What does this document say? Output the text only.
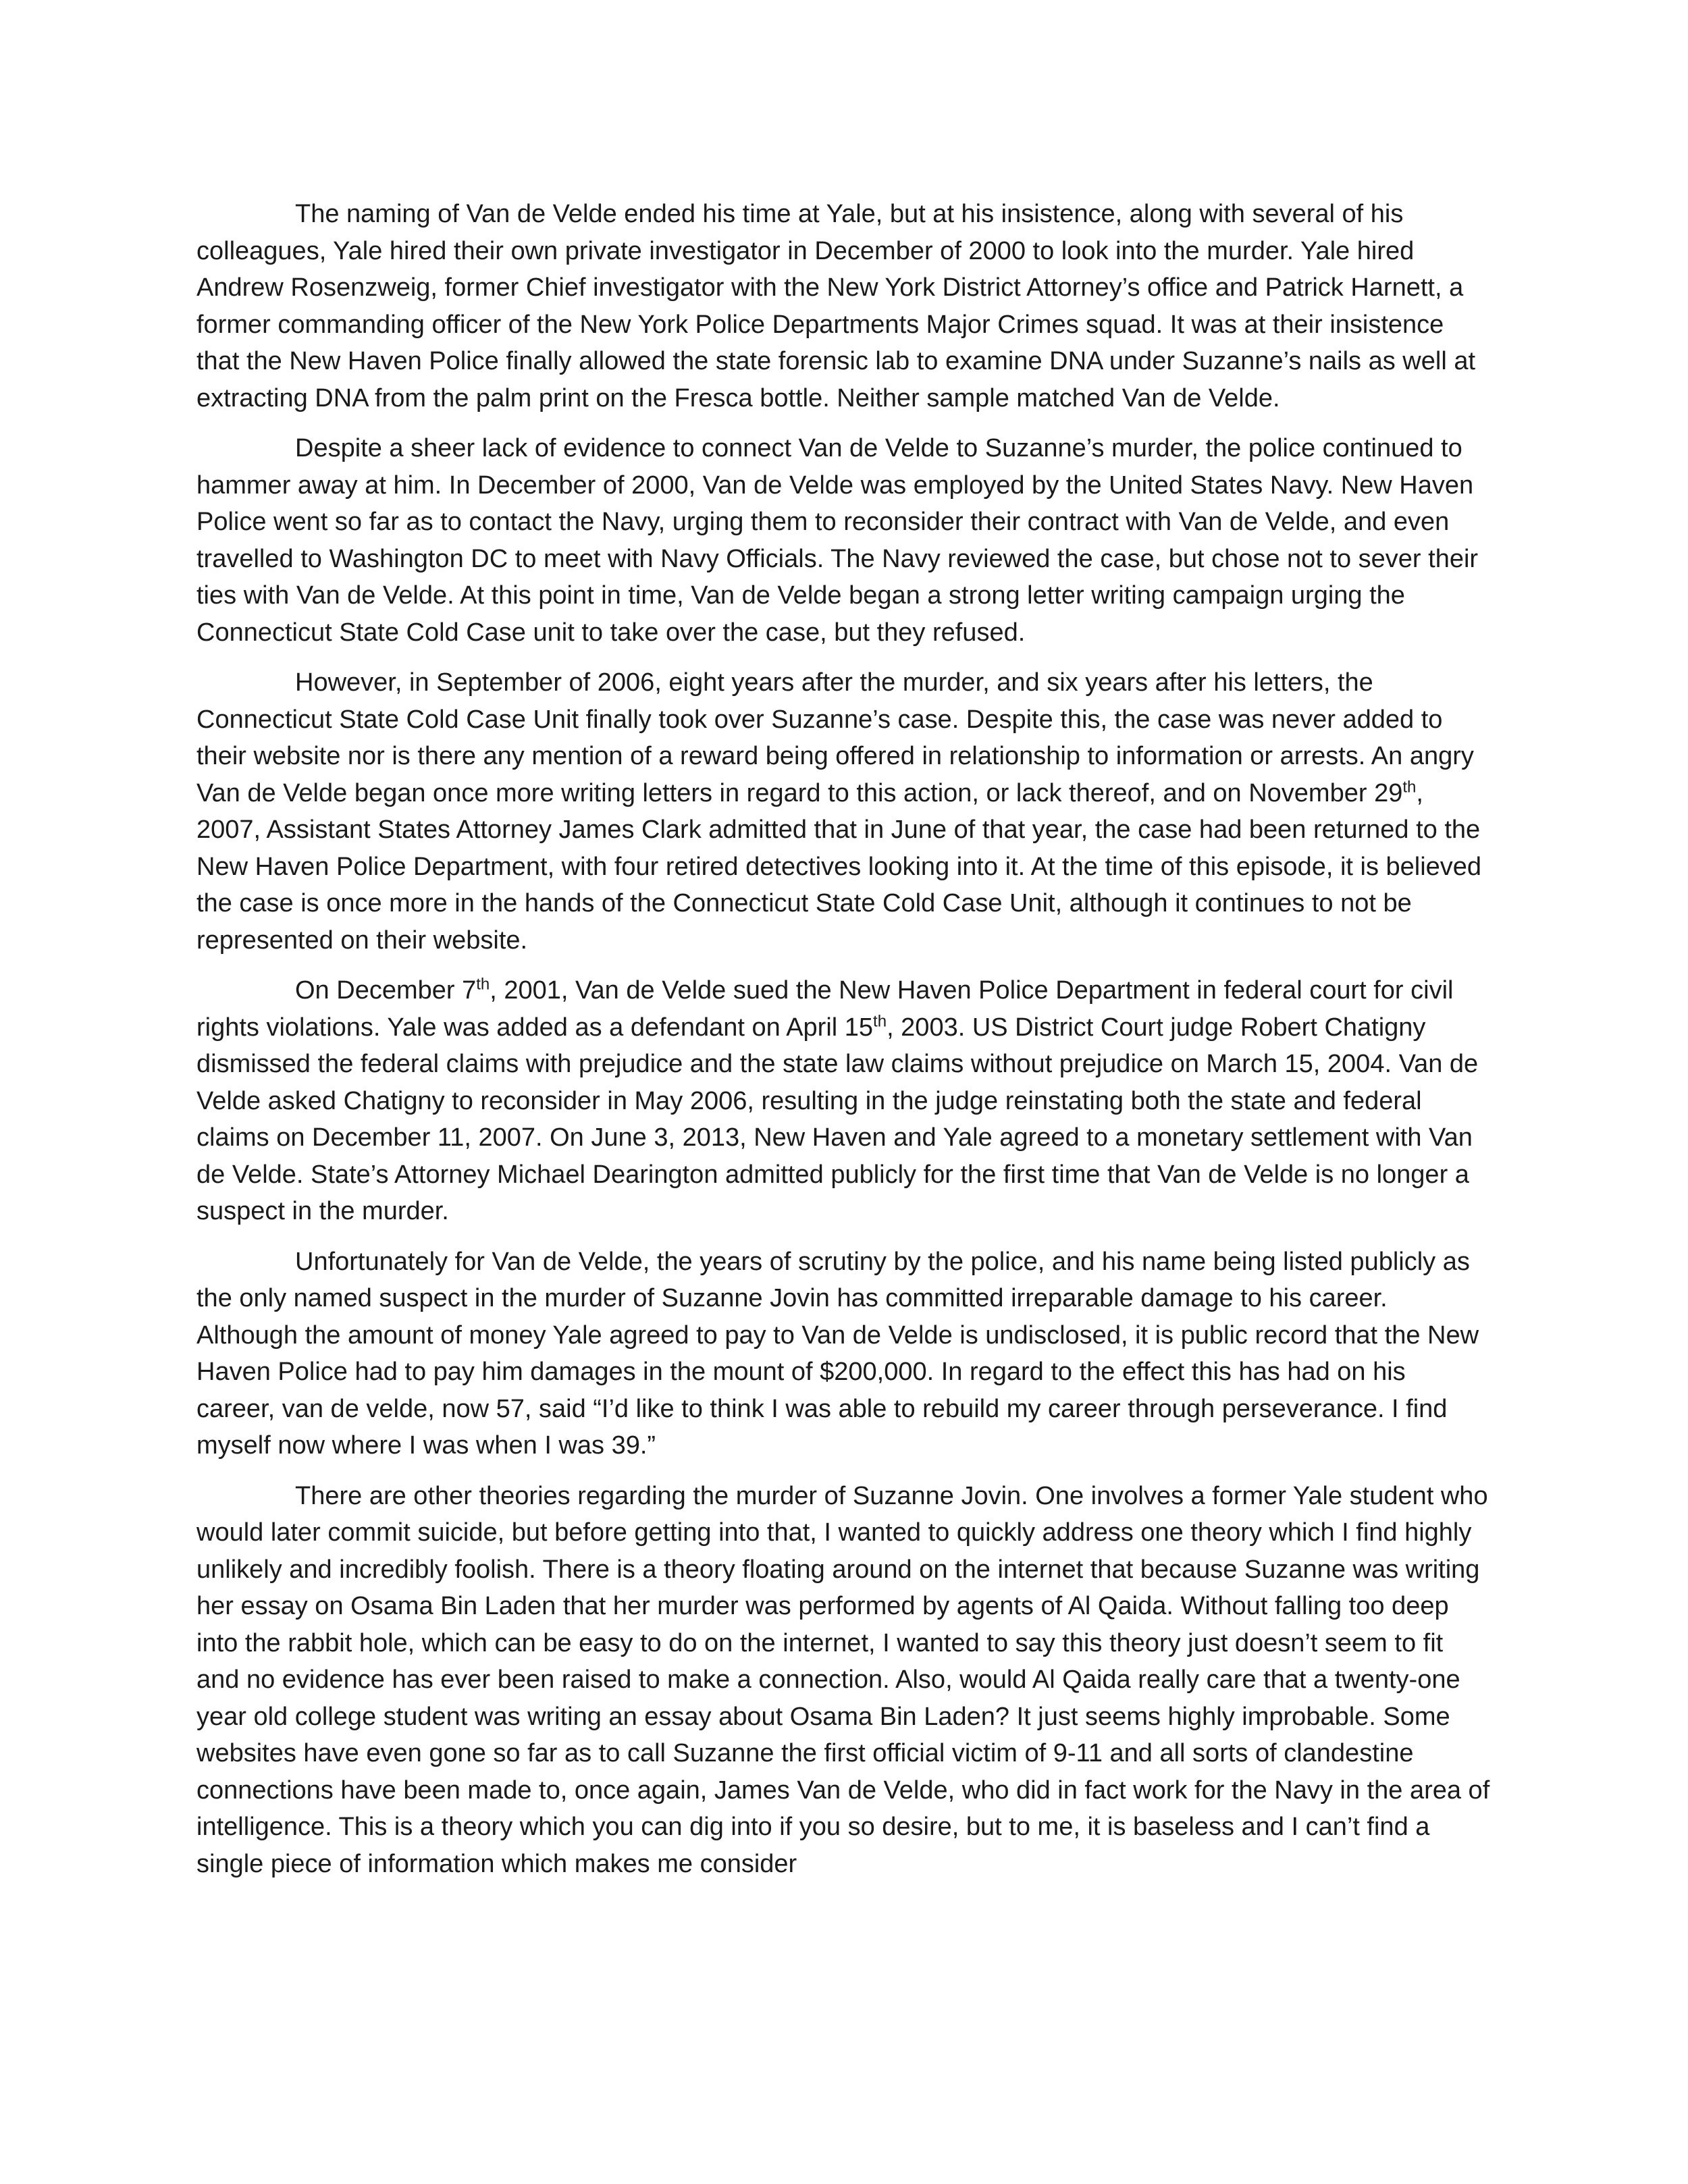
The naming of Van de Velde ended his time at Yale, but at his insistence, along with several of his colleagues, Yale hired their own private investigator in December of 2000 to look into the murder. Yale hired Andrew Rosenzweig, former Chief investigator with the New York District Attorney’s office and Patrick Harnett, a former commanding officer of the New York Police Departments Major Crimes squad. It was at their insistence that the New Haven Police finally allowed the state forensic lab to examine DNA under Suzanne’s nails as well at extracting DNA from the palm print on the Fresca bottle. Neither sample matched Van de Velde.

Despite a sheer lack of evidence to connect Van de Velde to Suzanne’s murder, the police continued to hammer away at him. In December of 2000, Van de Velde was employed by the United States Navy. New Haven Police went so far as to contact the Navy, urging them to reconsider their contract with Van de Velde, and even travelled to Washington DC to meet with Navy Officials. The Navy reviewed the case, but chose not to sever their ties with Van de Velde. At this point in time, Van de Velde began a strong letter writing campaign urging the Connecticut State Cold Case unit to take over the case, but they refused.

However, in September of 2006, eight years after the murder, and six years after his letters, the Connecticut State Cold Case Unit finally took over Suzanne’s case. Despite this, the case was never added to their website nor is there any mention of a reward being offered in relationship to information or arrests. An angry Van de Velde began once more writing letters in regard to this action, or lack thereof, and on November 29th, 2007, Assistant States Attorney James Clark admitted that in June of that year, the case had been returned to the New Haven Police Department, with four retired detectives looking into it. At the time of this episode, it is believed the case is once more in the hands of the Connecticut State Cold Case Unit, although it continues to not be represented on their website.

On December 7th, 2001, Van de Velde sued the New Haven Police Department in federal court for civil rights violations. Yale was added as a defendant on April 15th, 2003. US District Court judge Robert Chatigny dismissed the federal claims with prejudice and the state law claims without prejudice on March 15, 2004. Van de Velde asked Chatigny to reconsider in May 2006, resulting in the judge reinstating both the state and federal claims on December 11, 2007. On June 3, 2013, New Haven and Yale agreed to a monetary settlement with Van de Velde. State’s Attorney Michael Dearington admitted publicly for the first time that Van de Velde is no longer a suspect in the murder.

Unfortunately for Van de Velde, the years of scrutiny by the police, and his name being listed publicly as the only named suspect in the murder of Suzanne Jovin has committed irreparable damage to his career. Although the amount of money Yale agreed to pay to Van de Velde is undisclosed, it is public record that the New Haven Police had to pay him damages in the mount of $200,000. In regard to the effect this has had on his career, van de velde, now 57, said “I’d like to think I was able to rebuild my career through perseverance. I find myself now where I was when I was 39.”

There are other theories regarding the murder of Suzanne Jovin. One involves a former Yale student who would later commit suicide, but before getting into that, I wanted to quickly address one theory which I find highly unlikely and incredibly foolish. There is a theory floating around on the internet that because Suzanne was writing her essay on Osama Bin Laden that her murder was performed by agents of Al Qaida. Without falling too deep into the rabbit hole, which can be easy to do on the internet, I wanted to say this theory just doesn’t seem to fit and no evidence has ever been raised to make a connection. Also, would Al Qaida really care that a twenty-one year old college student was writing an essay about Osama Bin Laden? It just seems highly improbable. Some websites have even gone so far as to call Suzanne the first official victim of 9-11 and all sorts of clandestine connections have been made to, once again, James Van de Velde, who did in fact work for the Navy in the area of intelligence. This is a theory which you can dig into if you so desire, but to me, it is baseless and I can’t find a single piece of information which makes me consider
